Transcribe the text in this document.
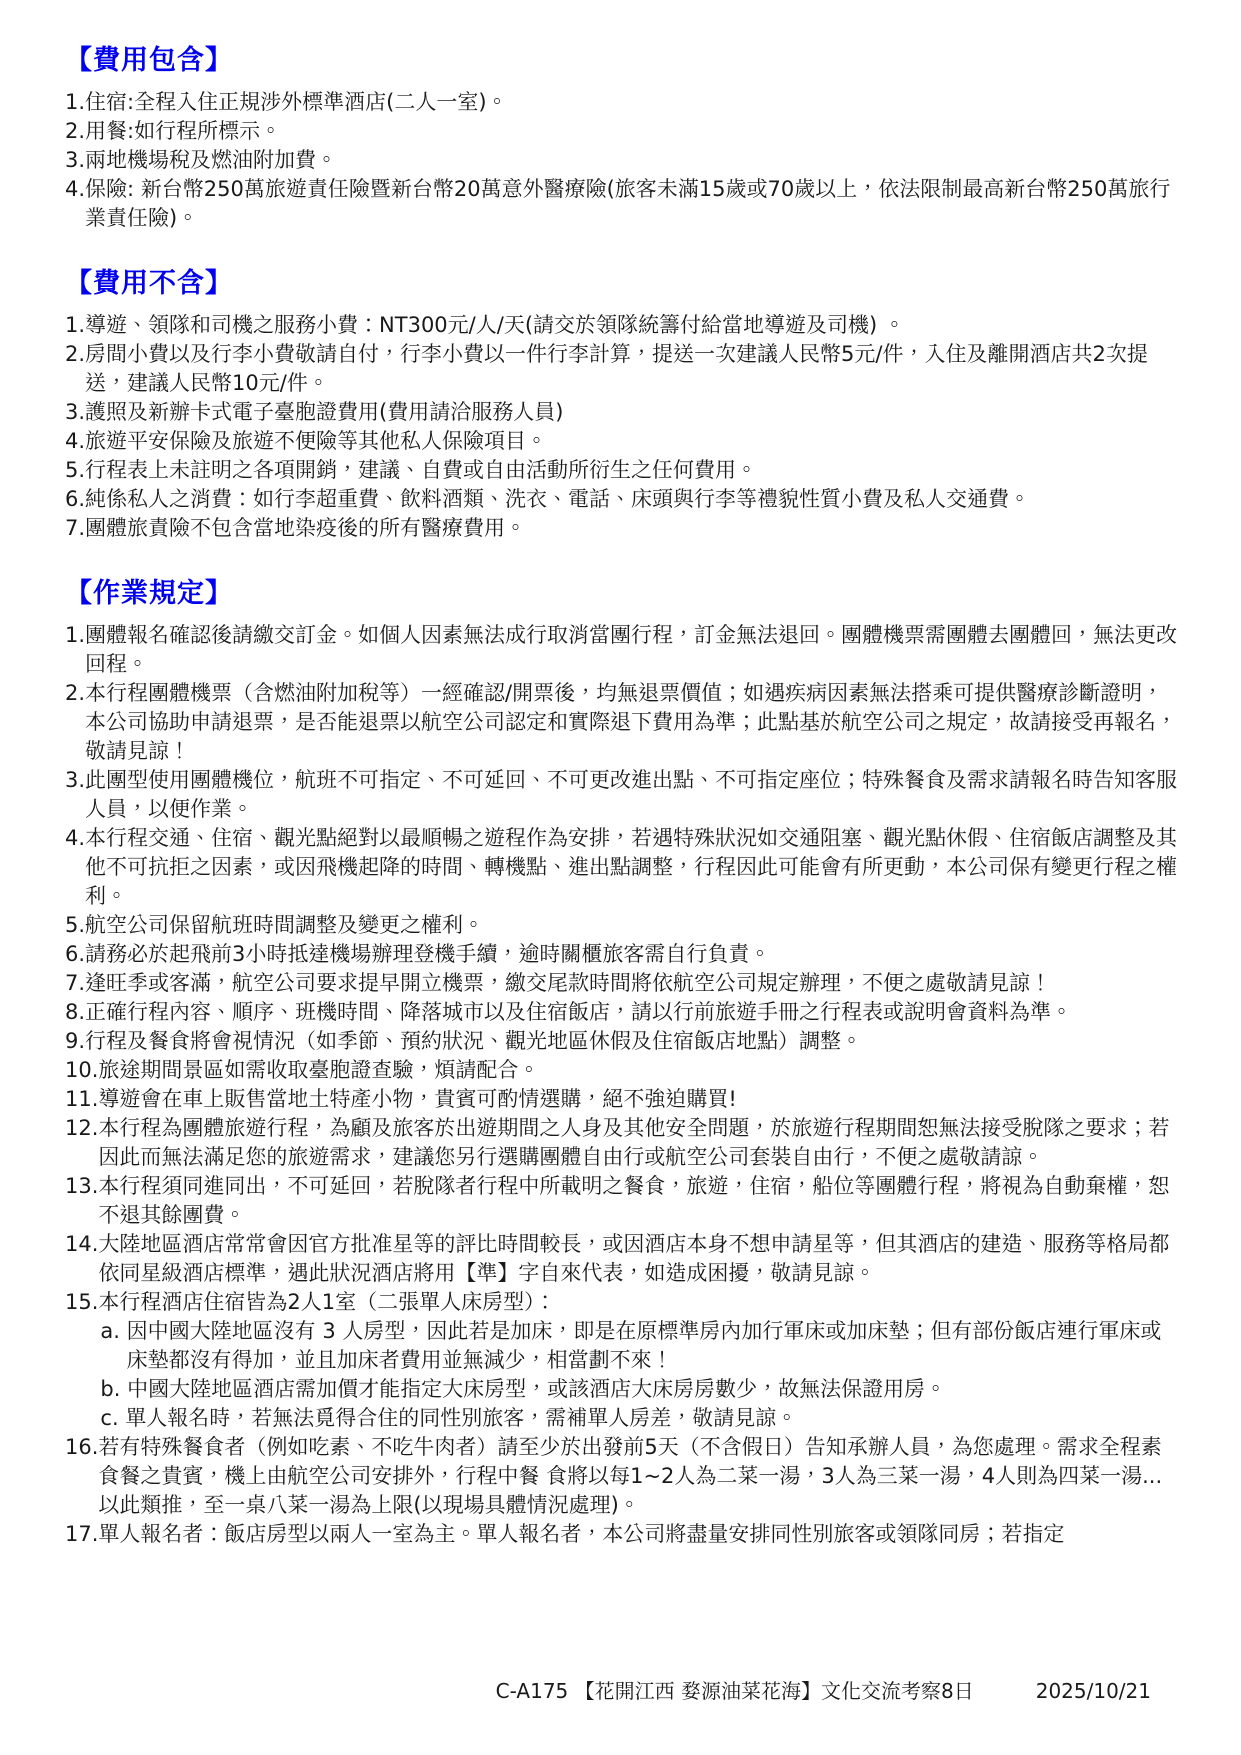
【費用包含】
1. 住宿:全程入住正規涉外標準酒店(二人一室)。
2. 用餐:如行程所標示。
3. 兩地機場稅及燃油附加費。
4. 保險: 新台幣250萬旅遊責任險暨新台幣20萬意外醫療險(旅客未滿15歲或70歲以上，依法限制最高新台幣250萬旅行業責任險)。
【費用不含】
1. 導遊、領隊和司機之服務小費：NT300元/人/天(請交於領隊統籌付給當地導遊及司機) 。
2. 房間小費以及行李小費敬請自付，行李小費以一件行李計算，提送一次建議人民幣5元/件，入住及離開酒店共2次提送，建議人民幣10元/件。
3. 護照及新辦卡式電子臺胞證費用(費用請洽服務人員)
4. 旅遊平安保險及旅遊不便險等其他私人保險項目。
5. 行程表上未註明之各項開銷，建議、自費或自由活動所衍生之任何費用。
6. 純係私人之消費：如行李超重費、飲料酒類、洗衣、電話、床頭與行李等禮貌性質小費及私人交通費。
7. 團體旅責險不包含當地染疫後的所有醫療費用。
【作業規定】
1. 團體報名確認後請繳交訂金。如個人因素無法成行取消當團行程，訂金無法退回。團體機票需團體去團體回，無法更改回程。
2. 本行程團體機票（含燃油附加稅等）一經確認/開票後，均無退票價值；如遇疾病因素無法搭乘可提供醫療診斷證明，本公司協助申請退票，是否能退票以航空公司認定和實際退下費用為準；此點基於航空公司之規定，故請接受再報名，敬請見諒！
3. 此團型使用團體機位，航班不可指定、不可延回、不可更改進出點、不可指定座位；特殊餐食及需求請報名時告知客服人員，以便作業。
4. 本行程交通、住宿、觀光點絕對以最順暢之遊程作為安排，若遇特殊狀況如交通阻塞、觀光點休假、住宿飯店調整及其他不可抗拒之因素，或因飛機起降的時間、轉機點、進出點調整，行程因此可能會有所更動，本公司保有變更行程之權利。
5. 航空公司保留航班時間調整及變更之權利。
6. 請務必於起飛前3小時抵達機場辦理登機手續，逾時關櫃旅客需自行負責。
7. 逢旺季或客滿，航空公司要求提早開立機票，繳交尾款時間將依航空公司規定辦理，不便之處敬請見諒！
8. 正確行程內容、順序、班機時間、降落城市以及住宿飯店，請以行前旅遊手冊之行程表或說明會資料為準。
9. 行程及餐食將會視情況（如季節、預約狀況、觀光地區休假及住宿飯店地點）調整。
10. 旅途期間景區如需收取臺胞證查驗，煩請配合。
11. 導遊會在車上販售當地土特產小物，貴賓可酌情選購，絕不強迫購買!
12. 本行程為團體旅遊行程，為顧及旅客於出遊期間之人身及其他安全問題，於旅遊行程期間恕無法接受脫隊之要求；若因此而無法滿足您的旅遊需求，建議您另行選購團體自由行或航空公司套裝自由行，不便之處敬請諒。
13. 本行程須同進同出，不可延回，若脫隊者行程中所載明之餐食，旅遊，住宿，船位等團體行程，將視為自動棄權，恕不退其餘團費。
14. 大陸地區酒店常常會因官方批准星等的評比時間較長，或因酒店本身不想申請星等，但其酒店的建造、服務等格局都依同星級酒店標準，遇此狀況酒店將用【準】字自來代表，如造成困擾，敬請見諒。
15. 本行程酒店住宿皆為2人1室（二張單人床房型）：
a. 因中國大陸地區沒有 3 人房型，因此若是加床，即是在原標準房內加行軍床或加床墊；但有部份飯店連行軍床或床墊都沒有得加，並且加床者費用並無減少，相當劃不來！
b. 中國大陸地區酒店需加價才能指定大床房型，或該酒店大床房房數少，故無法保證用房。
c. 單人報名時，若無法覓得合住的同性別旅客，需補單人房差，敬請見諒。
16. 若有特殊餐食者（例如吃素、不吃牛肉者）請至少於出發前5天（不含假日）告知承辦人員，為您處理。需求全程素食餐之貴賓，機上由航空公司安排外，行程中餐 食將以每1~2人為二菜一湯，3人為三菜一湯，4人則為四菜一湯...以此類推，至一桌八菜一湯為上限(以現場具體情況處理)。
17. 單人報名者：飯店房型以兩人一室為主。單人報名者，本公司將盡量安排同性別旅客或領隊同房；若指定
C-A175 【花開江西 婺源油菜花海】文化交流考察8日	2025/10/21
